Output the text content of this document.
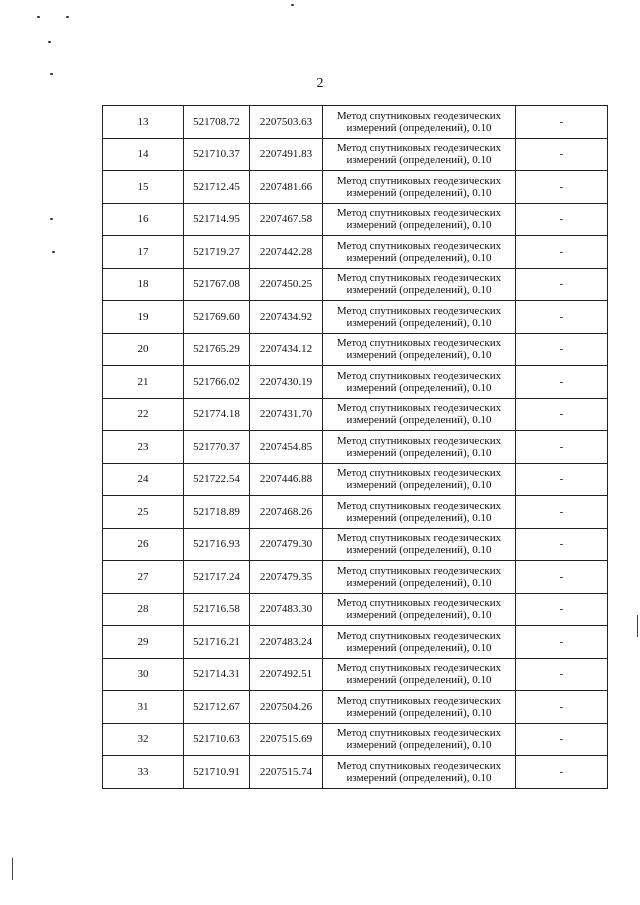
2
13	521708.72	2207503.63	Метод спутниковых геодезических
измерений (определений), 0.10	-
14	521710.37	2207491.83	Метод спутниковых геодезических
измерений (определений), 0.10	-
15	521712.45	2207481.66	Метод спутниковых геодезических
измерений (определений), 0.10	-
16	521714.95	2207467.58	Метод спутниковых геодезических
измерений (определений), 0.10	-
17	521719.27	2207442.28	Метод спутниковых геодезических
измерений (определений), 0.10	-
18	521767.08	2207450.25	Метод спутниковых геодезических
измерений (определений), 0.10	-
19	521769.60	2207434.92	Метод спутниковых геодезических
измерений (определений), 0.10	-
20	521765.29	2207434.12	Метод спутниковых геодезических
измерений (определений), 0.10	-
21	521766.02	2207430.19	Метод спутниковых геодезических
измерений (определений), 0.10	-
22	521774.18	2207431.70	Метод спутниковых геодезических
измерений (определений), 0.10	-
23	521770.37	2207454.85	Метод спутниковых геодезических
измерений (определений), 0.10	-
24	521722.54	2207446.88	Метод спутниковых геодезических
измерений (определений), 0.10	-
25	521718.89	2207468.26	Метод спутниковых геодезических
измерений (определений), 0.10	-
26	521716.93	2207479.30	Метод спутниковых геодезических
измерений (определений), 0.10	-
27	521717.24	2207479.35	Метод спутниковых геодезических
измерений (определений), 0.10	-
28	521716.58	2207483.30	Метод спутниковых геодезических
измерений (определений), 0.10	-
29	521716.21	2207483.24	Метод спутниковых геодезических
измерений (определений), 0.10	-
30	521714.31	2207492.51	Метод спутниковых геодезических
измерений (определений), 0.10	-
31	521712.67	2207504.26	Метод спутниковых геодезических
измерений (определений), 0.10	-
32	521710.63	2207515.69	Метод спутниковых геодезических
измерений (определений), 0.10	-
33	521710.91	2207515.74	Метод спутниковых геодезических
измерений (определений), 0.10	-
